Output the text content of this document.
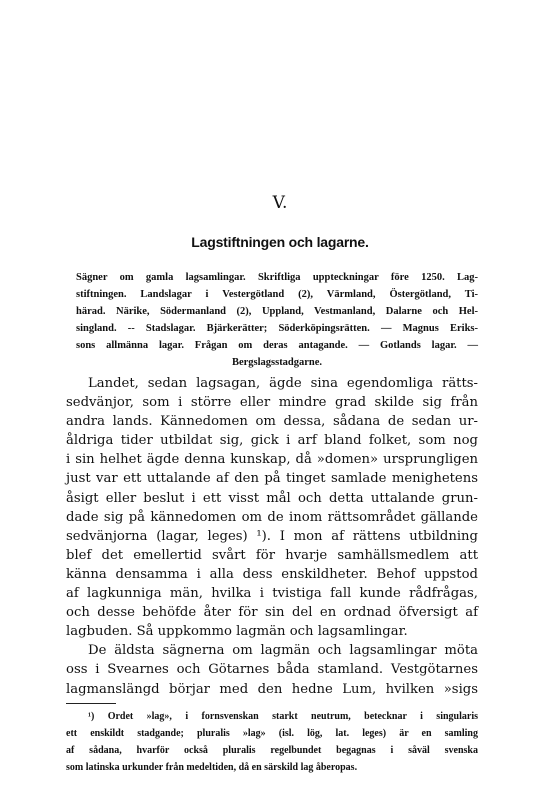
V.
Lagstiftningen och lagarne.
Sägner om gamla lagsamlingar. Skriftliga uppteckningar före 1250. Lag-
stiftningen. Landslagar i Vestergötland (2), Värmland, Östergötland, Ti-
härad. Närike, Södermanland (2), Uppland, Vestmanland, Dalarne och Hel-
singland. -- Stadslagar. Bjärkerätter; Söderköpingsrätten. — Magnus Eriks-
sons allmänna lagar. Frågan om deras antagande. — Gotlands lagar. —
Bergslagsstadgarne.
Landet, sedan lagsagan, ägde sina egendomliga rätts-
sedvänjor, som i större eller mindre grad skilde sig från
andra lands. Kännedomen om dessa, sådana de sedan ur-
åldriga tider utbildat sig, gick i arf bland folket, som nog
i sin helhet ägde denna kunskap, då »domen» ursprungligen
just var ett uttalande af den på tinget samlade menighetens
åsigt eller beslut i ett visst mål och detta uttalande grun-
dade sig på kännedomen om de inom rättsområdet gällande
sedvänjorna (lagar, leges) ¹). I mon af rättens utbildning
blef det emellertid svårt för hvarje samhällsmedlem att
känna densamma i alla dess enskildheter. Behof uppstod
af lagkunniga män, hvilka i tvistiga fall kunde rådfrågas,
och desse behöfde åter för sin del en ordnad öfversigt af
lagbuden. Så uppkommo lagmän och lagsamlingar.
De äldsta sägnerna om lagmän och lagsamlingar möta
oss i Svearnes och Götarnes båda stamland. Vestgötarnes
lagmanslängd börjar med den hedne Lum, hvilken »sigs
¹) Ordet »lag», i fornsvenskan starkt neutrum, betecknar i singularis
ett enskildt stadgande; pluralis »lag» (isl. lög, lat. leges) är en samling
af sådana, hvarför också pluralis regelbundet begagnas i såväl svenska
som latinska urkunder från medeltiden, då en särskild lag åberopas.
